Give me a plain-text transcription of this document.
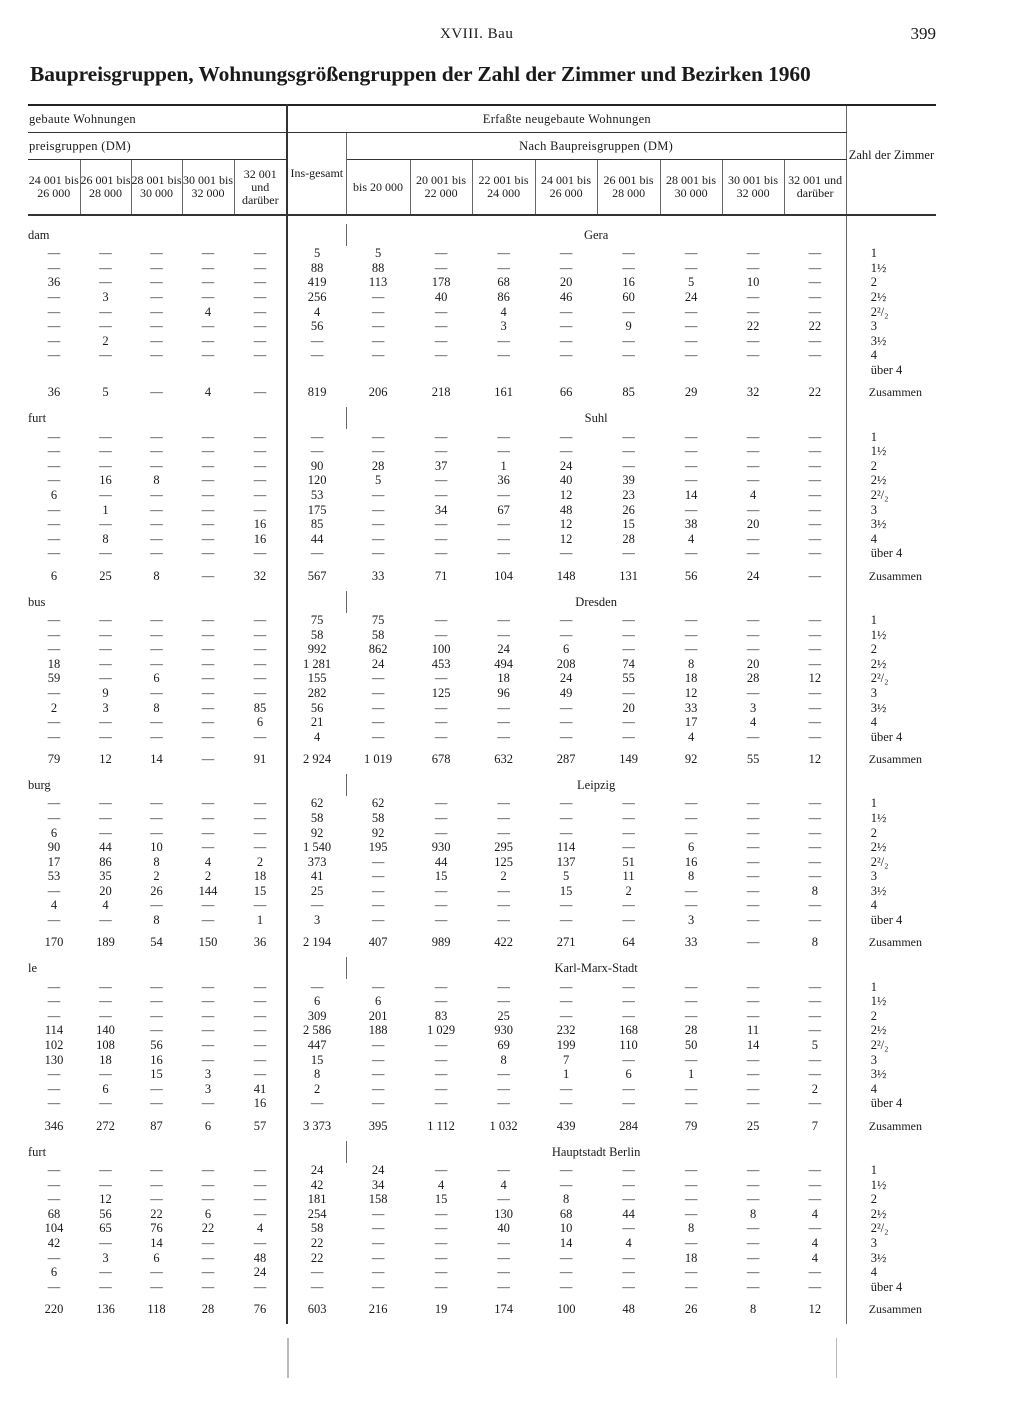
XVIII. Bau	399
Baupreisgruppen, Wohnungsgrößengruppen der Zahl der Zimmer und Bezirken 1960
gebaute Wohnungen					Erfaßte neugebaute Wohnungen									Zahl der Zimmer
preisgruppen (DM)					Ins-gesamt	Nach Baupreisgruppen (DM)								
24 001 bis 26 000	26 001 bis 28 000	28 001 bis 30 000	30 001 bis 32 000	32 001 und darüber		bis 20 000	20 001 bis 22 000	22 001 bis 24 000	24 001 bis 26 000	26 001 bis 28 000	28 001 bis 30 000	30 001 bis 32 000	32 001 und darüber	

dam						Gera								
—	—	—	—	—	5	5	—	—	—	—	—	—	—	1
—	—	—	—	—	88	88	—	—	—	—	—	—	—	1½
36	—	—	—	—	419	113	178	68	20	16	5	10	—	2
—	3	—	—	—	256	—	40	86	46	60	24	—	—	2½
—	—	—	4	—	4	—	—	4	—	—	—	—	—	2²/₂
—	—	—	—	—	56	—	—	3	—	9	—	22	22	3
—	2	—	—	—	—	—	—	—	—	—	—	—	—	3½
—	—	—	—	—	—	—	—	—	—	—	—	—	—	4
														über 4
36	5	—	4	—	819	206	218	161	66	85	29	32	22	Zusammen
furt						Suhl								
—	—	—	—	—	—	—	—	—	—	—	—	—	—	1
—	—	—	—	—	—	—	—	—	—	—	—	—	—	1½
—	—	—	—	—	90	28	37	1	24	—	—	—	—	2
—	16	8	—	—	120	5	—	36	40	39	—	—	—	2½
6	—	—	—	—	53	—	—	—	12	23	14	4	—	2²/₂
—	1	—	—	—	175	—	34	67	48	26	—	—	—	3
—	—	—	—	16	85	—	—	—	12	15	38	20	—	3½
—	8	—	—	16	44	—	—	—	12	28	4	—	—	4
—	—	—	—	—	—	—	—	—	—	—	—	—	—	über 4
6	25	8	—	32	567	33	71	104	148	131	56	24	—	Zusammen
bus						Dresden								
—	—	—	—	—	75	75	—	—	—	—	—	—	—	1
—	—	—	—	—	58	58	—	—	—	—	—	—	—	1½
—	—	—	—	—	992	862	100	24	6	—	—	—	—	2
18	—	—	—	—	1 281	24	453	494	208	74	8	20	—	2½
59	—	6	—	—	155	—	—	18	24	55	18	28	12	2²/₂
—	9	—	—	—	282	—	125	96	49	—	12	—	—	3
2	3	8	—	85	56	—	—	—	—	20	33	3	—	3½
—	—	—	—	6	21	—	—	—	—	—	17	4	—	4
—	—	—	—	—	4	—	—	—	—	—	4	—	—	über 4
79	12	14	—	91	2 924	1 019	678	632	287	149	92	55	12	Zusammen
burg						Leipzig								
—	—	—	—	—	62	62	—	—	—	—	—	—	—	1
—	—	—	—	—	58	58	—	—	—	—	—	—	—	1½
6	—	—	—	—	92	92	—	—	—	—	—	—	—	2
90	44	10	—	—	1 540	195	930	295	114	—	6	—	—	2½
17	86	8	4	2	373	—	44	125	137	51	16	—	—	2²/₂
53	35	2	2	18	41	—	15	2	5	11	8	—	—	3
—	20	26	144	15	25	—	—	—	15	2	—	—	8	3½
4	4	—	—	—	—	—	—	—	—	—	—	—	—	4
—	—	8	—	1	3	—	—	—	—	—	3	—	—	über 4
170	189	54	150	36	2 194	407	989	422	271	64	33	—	8	Zusammen
le						Karl-Marx-Stadt								
—	—	—	—	—	—	—	—	—	—	—	—	—	—	1
—	—	—	—	—	6	6	—	—	—	—	—	—	—	1½
—	—	—	—	—	309	201	83	25	—	—	—	—	—	2
114	140	—	—	—	2 586	188	1 029	930	232	168	28	11	—	2½
102	108	56	—	—	447	—	—	69	199	110	50	14	5	2²/₂
130	18	16	—	—	15	—	—	8	7	—	—	—	—	3
—	—	15	3	—	8	—	—	—	1	6	1	—	—	3½
—	6	—	3	41	2	—	—	—	—	—	—	—	2	4
—	—	—	—	16	—	—	—	—	—	—	—	—	—	über 4
346	272	87	6	57	3 373	395	1 112	1 032	439	284	79	25	7	Zusammen
furt						Hauptstadt Berlin								
—	—	—	—	—	24	24	—	—	—	—	—	—	—	1
—	—	—	—	—	42	34	4	4	—	—	—	—	—	1½
—	12	—	—	—	181	158	15	—	8	—	—	—	—	2
68	56	22	6	—	254	—	—	130	68	44	—	8	4	2½
104	65	76	22	4	58	—	—	40	10	—	8	—	—	2²/₂
42	—	14	—	—	22	—	—	—	14	4	—	—	4	3
—	3	6	—	48	22	—	—	—	—	—	18	—	4	3½
6	—	—	—	24	—	—	—	—	—	—	—	—	—	4
—	—	—	—	—	—	—	—	—	—	—	—	—	—	über 4
220	136	118	28	76	603	216	19	174	100	48	26	8	12	Zusammen
